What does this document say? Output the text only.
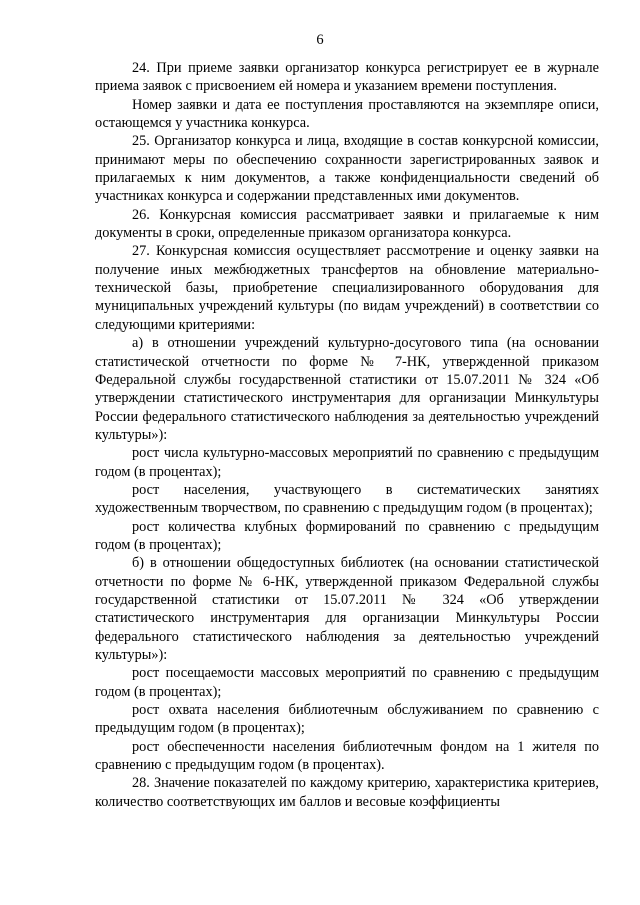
6

24. При приеме заявки организатор конкурса регистрирует ее в журнале приема заявок с присвоением ей номера и указанием времени поступления.

Номер заявки и дата ее поступления проставляются на экземпляре описи, остающемся у участника конкурса.

25. Организатор конкурса и лица, входящие в состав конкурсной комиссии, принимают меры по обеспечению сохранности зарегистрированных заявок и прилагаемых к ним документов, а также конфиденциальности сведений об участниках конкурса и содержании представленных ими документов.

26. Конкурсная комиссия рассматривает заявки и прилагаемые к ним документы в сроки, определенные приказом организатора конкурса.

27. Конкурсная комиссия осуществляет рассмотрение и оценку заявки на получение иных межбюджетных трансфертов на обновление материально-технической базы, приобретение специализированного оборудования для муниципальных учреждений культуры (по видам учреждений) в соответствии со следующими критериями:

а) в отношении учреждений культурно-досугового типа (на основании статистической отчетности по форме № 7-НК, утвержденной приказом Федеральной службы государственной статистики от 15.07.2011 № 324 «Об утверждении статистического инструментария для организации Минкультуры России федерального статистического наблюдения за деятельностью учреждений культуры»):

рост числа культурно-массовых мероприятий по сравнению с предыдущим годом (в процентах);

рост населения, участвующего в систематических занятиях художественным творчеством, по сравнению с предыдущим годом (в процентах);

рост количества клубных формирований по сравнению с предыдущим годом (в процентах);

б) в отношении общедоступных библиотек (на основании статистической отчетности по форме № 6-НК, утвержденной приказом Федеральной службы государственной статистики от 15.07.2011 № 324 «Об утверждении статистического инструментария для организации Минкультуры России федерального статистического наблюдения за деятельностью учреждений культуры»):

рост посещаемости массовых мероприятий по сравнению с предыдущим годом (в процентах);

рост охвата населения библиотечным обслуживанием по сравнению с предыдущим годом (в процентах);

рост обеспеченности населения библиотечным фондом на 1 жителя по сравнению с предыдущим годом (в процентах).

28. Значение показателей по каждому критерию, характеристика критериев, количество соответствующих им баллов и весовые коэффициенты
